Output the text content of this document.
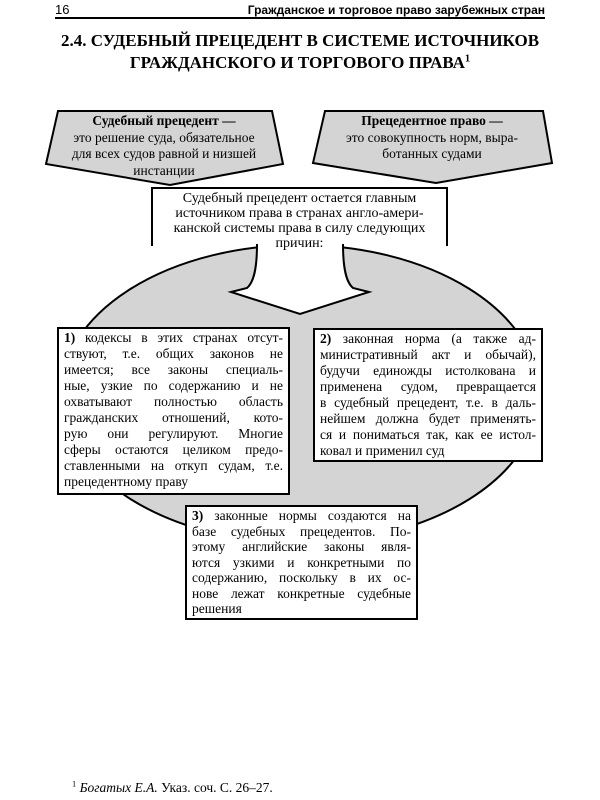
16	Гражданское и торговое право зарубежных стран
2.4. СУДЕБНЫЙ ПРЕЦЕДЕНТ В СИСТЕМЕ ИСТОЧНИКОВ
ГРАЖДАНСКОГО И ТОРГОВОГО ПРАВА$^1$
Судебный прецедент —
это решение суда, обязательное
для всех судов равной и низшей
инстанции
Прецедентное право —
это совокупность норм, выра-
ботанных судами
Судебный прецедент остается главным
источником права в странах англо-амери-
канской системы права в силу следующих
причин:
1) кодексы в этих странах отсут-
ствуют, т.е. общих законов не
имеется; все законы специаль-
ные, узкие по содержанию и не
охватывают полностью область
гражданских отношений, кото-
рую они регулируют. Многие
сферы остаются целиком предо-
ставленными на откуп судам, т.е.
прецедентному праву
2) законная норма (а также ад-
министративный акт и обычай),
будучи единожды истолкована и
применена судом, превращается
в судебный прецедент, т.е. в даль-
нейшем должна будет применять-
ся и пониматься так, как ее истол-
ковал и применил суд
3) законные нормы создаются на
базе судебных прецедентов. По-
этому английские законы явля-
ются узкими и конкретными по
содержанию, поскольку в их ос-
нове лежат конкретные судебные
решения
$^1$ Богатых Е.А. Указ. соч. С. 26–27.
